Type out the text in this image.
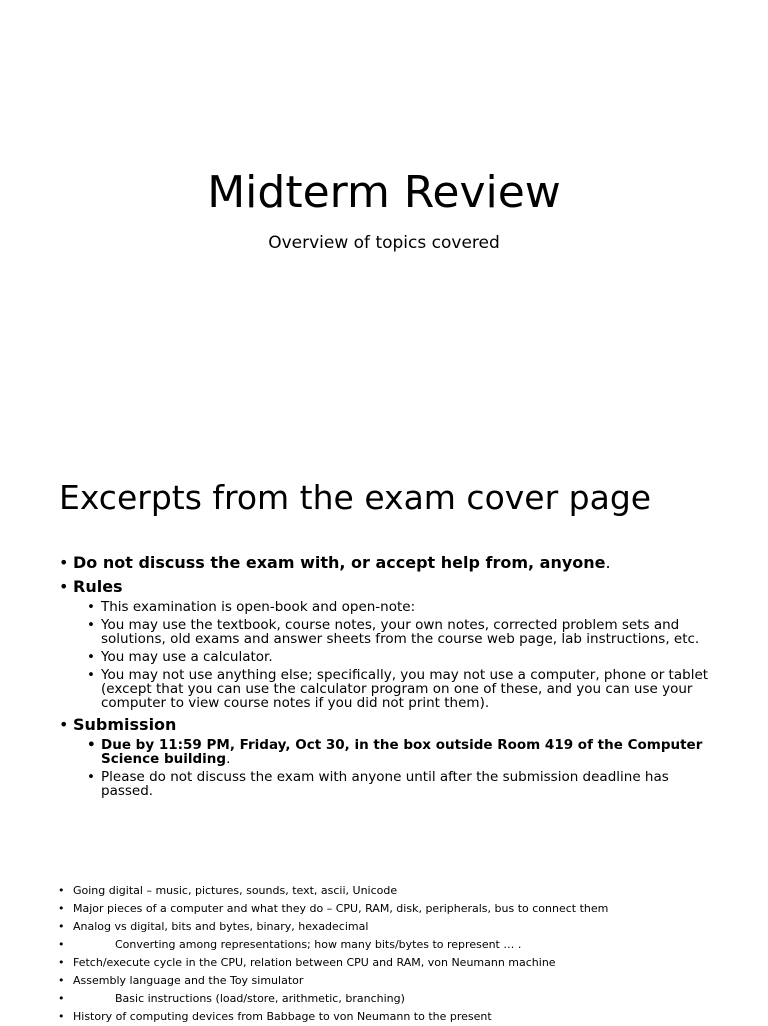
Midterm Review

Overview of topics covered

Excerpts from the exam cover page
• Do not discuss the exam with, or accept help from, anyone.
• Rules
• This examination is open-book and open-note:
• You may use the textbook, course notes, your own notes, corrected problem sets and solutions, old exams and answer sheets from the course web page, lab instructions, etc.
• You may use a calculator.
• You may not use anything else; specifically, you may not use a computer, phone or tablet (except that you can use the calculator program on one of these, and you can use your computer to view course notes if you did not print them).
• Submission
• Due by 11:59 PM, Friday, Oct 30, in the box outside Room 419 of the Computer Science building.
• Please do not discuss the exam with anyone until after the submission deadline has passed.
• Going digital – music, pictures, sounds, text, ascii, Unicode
• Major pieces of a computer and what they do – CPU, RAM, disk, peripherals, bus to connect them
• Analog vs digital, bits and bytes, binary, hexadecimal
•	Converting among representations; how many bits/bytes to represent … .
• Fetch/execute cycle in the CPU, relation between CPU and RAM, von Neumann machine
• Assembly language and the Toy simulator
•	Basic instructions (load/store, arithmetic, branching)
• History of computing devices from Babbage to von Neumann to the present
